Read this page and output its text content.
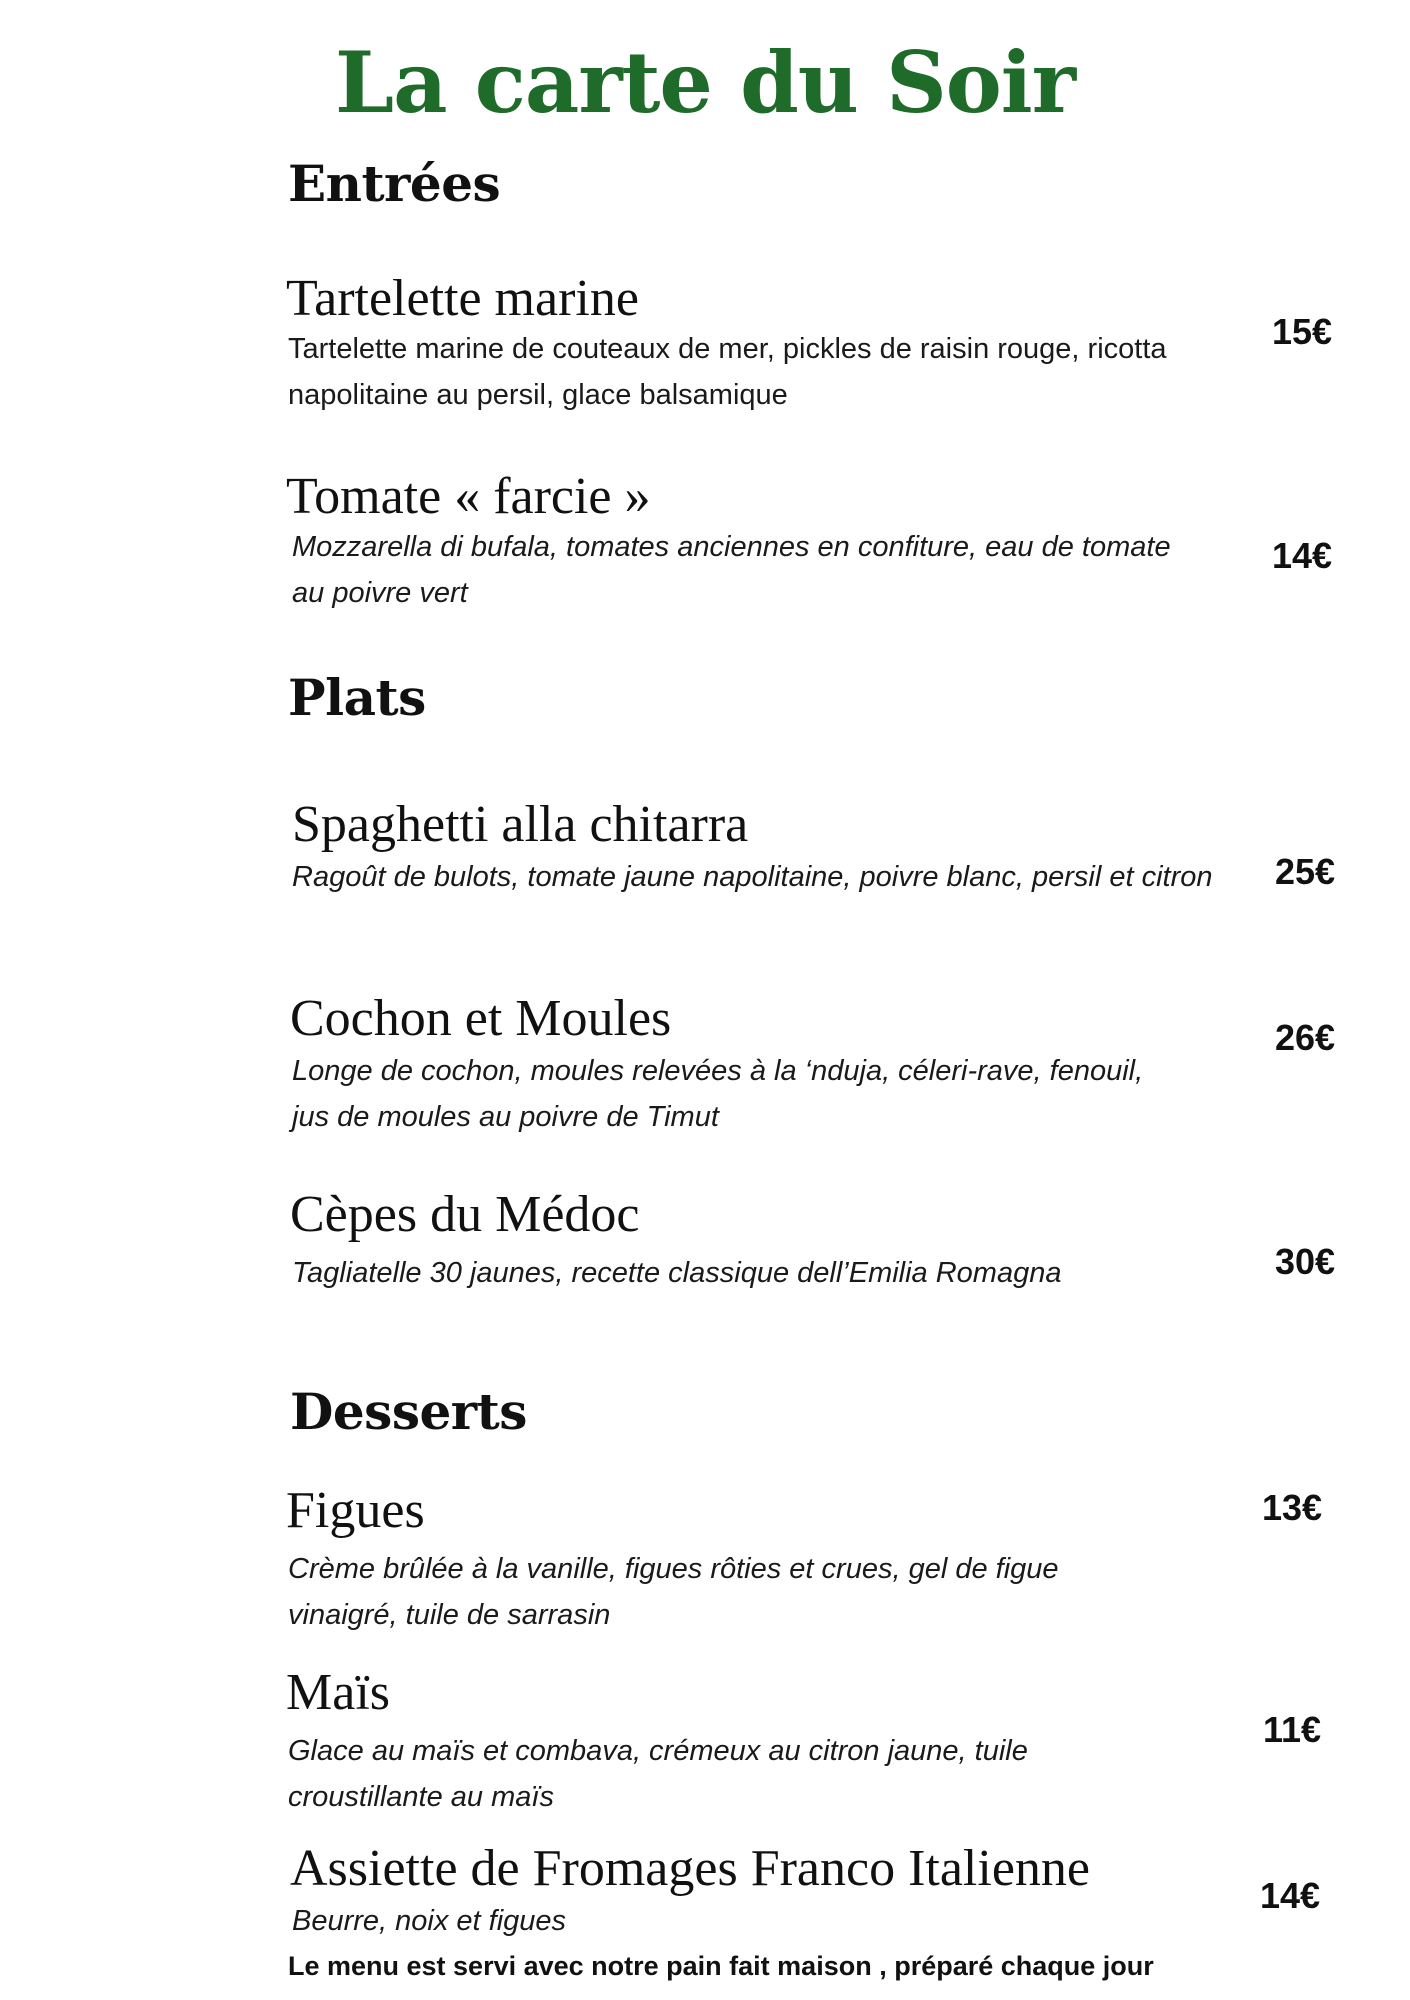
La carte du Soir
Entrées
Tartelette marine
Tartelette marine de couteaux de mer, pickles de raisin rouge, ricotta napolitaine au persil, glace balsamique
15€
Tomate « farcie »
Mozzarella di bufala, tomates anciennes en confiture, eau de tomate au poivre vert
14€
Plats
Spaghetti alla chitarra
Ragoût de bulots, tomate jaune napolitaine, poivre blanc, persil et citron	25€
Cochon et Moules
Longe de cochon, moules relevées à la ‘nduja, céleri-rave, fenouil, jus de moules au poivre de Timut
26€
Cèpes du Médoc
Tagliatelle 30 jaunes, recette classique dell’Emilia Romagna	30€
Desserts
Figues
Crème brûlée à la vanille, figues rôties et crues, gel de figue vinaigré, tuile de sarrasin
13€
Maïs
Glace au maïs et combava, crémeux au citron jaune, tuile croustillante au maïs
11€
Assiette de Fromages Franco Italienne
Beurre, noix et figues
14€
Le menu est servi avec notre pain fait maison , préparé chaque jour
